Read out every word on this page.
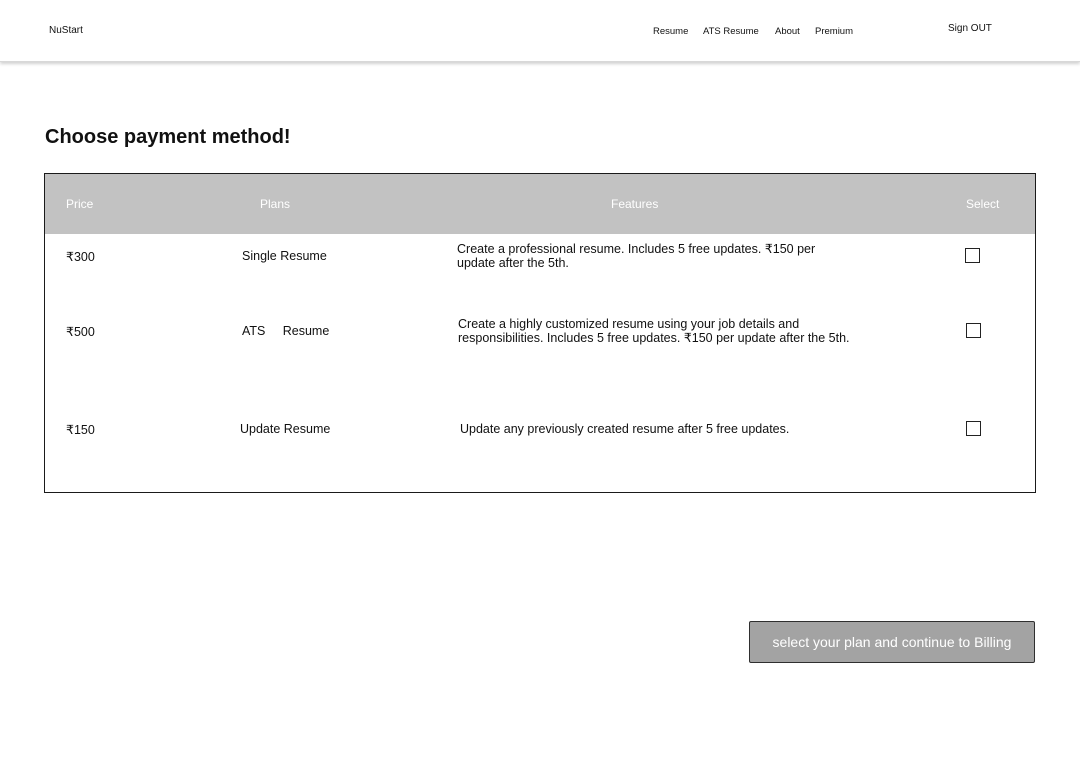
NuStart	Resume ATS Resume About Premium	Sign OUT
Choose payment method!
Price	Plans	Features	Select
₹300	Single Resume	Create a professional resume. Includes 5 free updates. ₹150 per
update after the 5th.
₹500	ATS     Resume	Create a highly customized resume using your job details and
responsibilities. Includes 5 free updates. ₹150 per update after the 5th.
₹150	Update Resume	Update any previously created resume after 5 free updates.
select your plan and continue to Billing
